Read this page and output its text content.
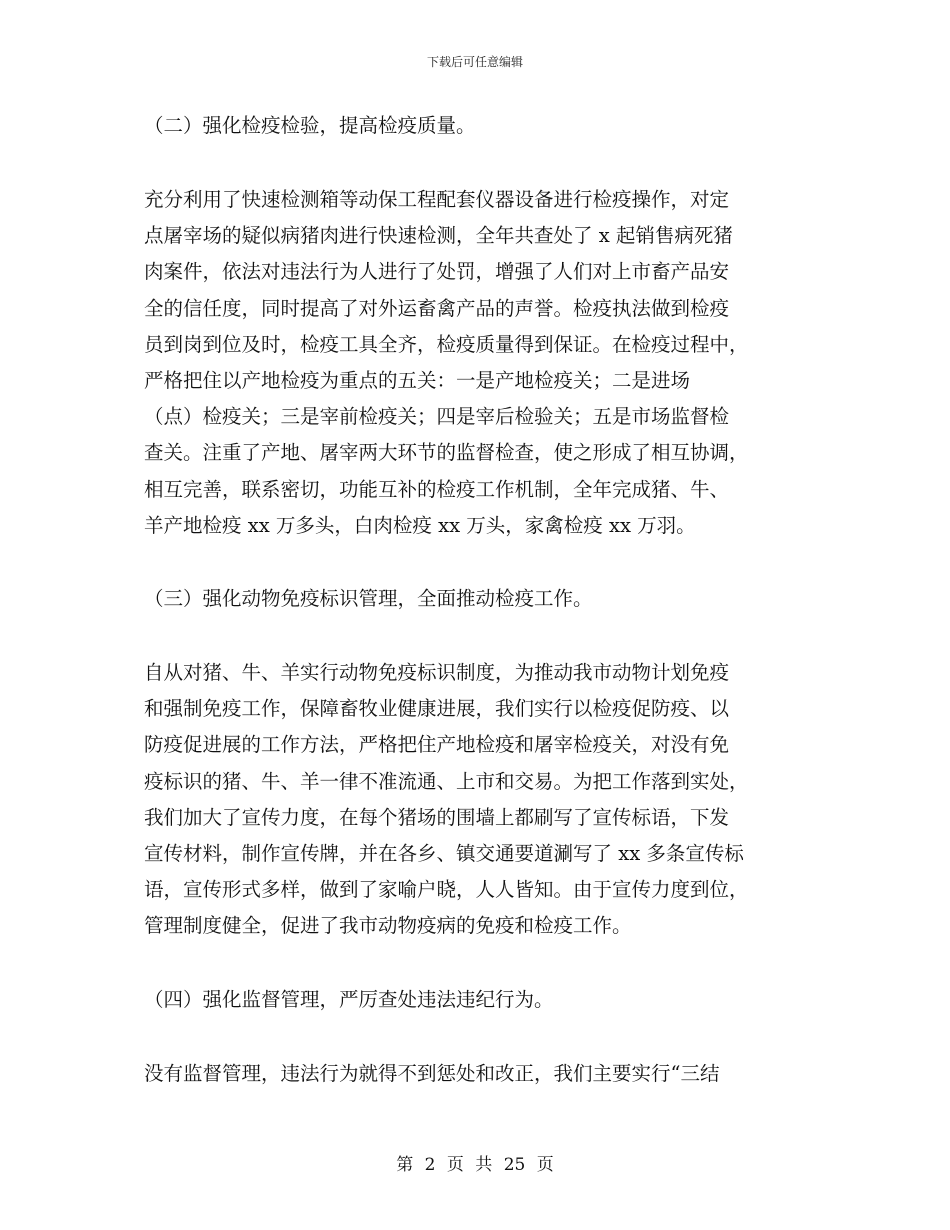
下载后可任意编辑

（二）强化检疫检验，提高检疫质量。

充分利用了快速检测箱等动保工程配套仪器设备进行检疫操作，对定
点屠宰场的疑似病猪肉进行快速检测，全年共查处了 x 起销售病死猪
肉案件，依法对违法行为人进行了处罚，增强了人们对上市畜产品安
全的信任度，同时提高了对外运畜禽产品的声誉。检疫执法做到检疫
员到岗到位及时，检疫工具全齐，检疫质量得到保证。在检疫过程中，
严格把住以产地检疫为重点的五关：一是产地检疫关；二是进场
（点）检疫关；三是宰前检疫关；四是宰后检验关；五是市场监督检
查关。注重了产地、屠宰两大环节的监督检查，使之形成了相互协调，
相互完善，联系密切，功能互补的检疫工作机制，全年完成猪、牛、
羊产地检疫 xx 万多头，白肉检疫 xx 万头，家禽检疫 xx 万羽。

（三）强化动物免疫标识管理，全面推动检疫工作。

自从对猪、牛、羊实行动物免疫标识制度，为推动我市动物计划免疫
和强制免疫工作，保障畜牧业健康进展，我们实行以检疫促防疫、以
防疫促进展的工作方法，严格把住产地检疫和屠宰检疫关，对没有免
疫标识的猪、牛、羊一律不准流通、上市和交易。为把工作落到实处，
我们加大了宣传力度，在每个猪场的围墙上都刷写了宣传标语，下发
宣传材料，制作宣传牌，并在各乡、镇交通要道涮写了 xx 多条宣传标
语，宣传形式多样，做到了家喻户晓，人人皆知。由于宣传力度到位，
管理制度健全，促进了我市动物疫病的免疫和检疫工作。

（四）强化监督管理，严厉查处违法违纪行为。

没有监督管理，违法行为就得不到惩处和改正，我们主要实行“三结
第 2 页 共 25 页
